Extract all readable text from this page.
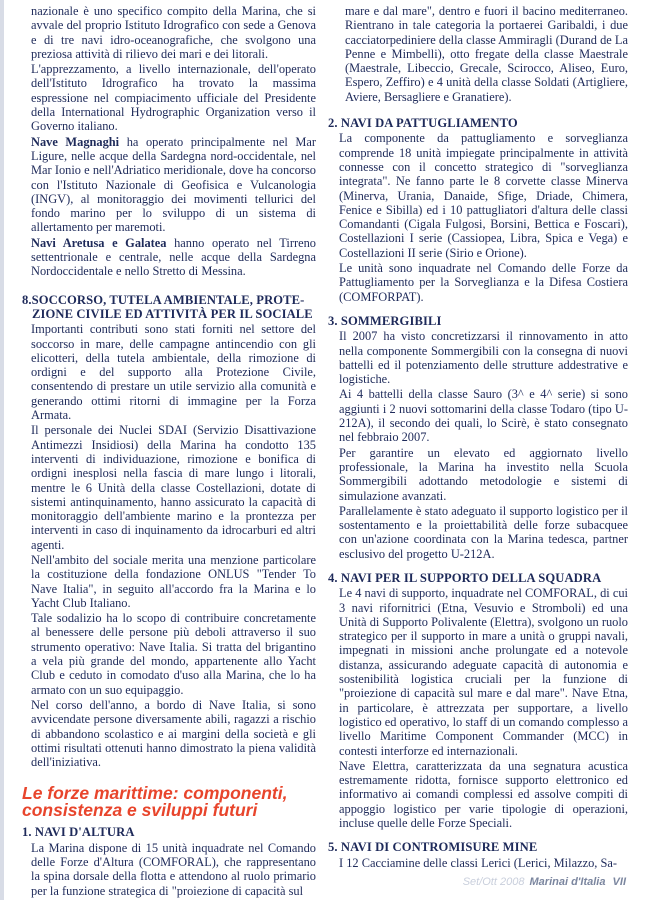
nazionale è uno specifico compito della Marina, che si avvale del proprio Istituto Idrografico con sede a Genova e di tre navi idro-oceanografiche, che svolgono una preziosa attività di rilievo dei mari e dei litorali.

L'apprezzamento, a livello internazionale, dell'operato dell'Istituto Idrografico ha trovato la massima espressione nel compiacimento ufficiale del Presidente della International Hydrographic Organization verso il Governo italiano.

Nave Magnaghi ha operato principalmente nel Mar Ligure, nelle acque della Sardegna nord-occidentale, nel Mar Ionio e nell'Adriatico meridionale, dove ha concorso con l'Istituto Nazionale di Geofisica e Vulcanologia (INGV), al monitoraggio dei movimenti tellurici del fondo marino per lo sviluppo di un sistema di allertamento per maremoti.

Navi Aretusa e Galatea hanno operato nel Tirreno settentrionale e centrale, nelle acque della Sardegna Nordoccidentale e nello Stretto di Messina.

8.SOCCORSO, TUTELA AMBIENTALE, PROTE-
ZIONE CIVILE ED ATTIVITÀ PER IL SOCIALE

Importanti contributi sono stati forniti nel settore del soccorso in mare, delle campagne antincendio con gli elicotteri, della tutela ambientale, della rimozione di ordigni e del supporto alla Protezione Civile, consentendo di prestare un utile servizio alla comunità e generando ottimi ritorni di immagine per la Forza Armata.

Il personale dei Nuclei SDAI (Servizio Disattivazione Antimezzi Insidiosi) della Marina ha condotto 135 interventi di individuazione, rimozione e bonifica di ordigni inesplosi nella fascia di mare lungo i litorali, mentre le 6 Unità della classe Costellazioni, dotate di sistemi antinquinamento, hanno assicurato la capacità di monitoraggio dell'ambiente marino e la prontezza per interventi in caso di inquinamento da idrocarburi ed altri agenti.

Nell'ambito del sociale merita una menzione particolare la costituzione della fondazione ONLUS "Tender To Nave Italia", in seguito all'accordo fra la Marina e lo Yacht Club Italiano.

Tale sodalizio ha lo scopo di contribuire concretamente al benessere delle persone più deboli attraverso il suo strumento operativo: Nave Italia. Si tratta del brigantino a vela più grande del mondo, appartenente allo Yacht Club e ceduto in comodato d'uso alla Marina, che lo ha armato con un suo equipaggio.

Nel corso dell'anno, a bordo di Nave Italia, si sono avvicendate persone diversamente abili, ragazzi a rischio di abbandono scolastico e ai margini della società e gli ottimi risultati ottenuti hanno dimostrato la piena validità dell'iniziativa.

Le forze marittime: componenti,
consistenza e sviluppi futuri
1. NAVI D'ALTURA

La Marina dispone di 15 unità inquadrate nel Comando delle Forze d'Altura (COMFORAL), che rappresentano la spina dorsale della flotta e attendono al ruolo primario per la funzione strategica di "proiezione di capacità sul

mare e dal mare", dentro e fuori il bacino mediterraneo. Rientrano in tale categoria la portaerei Garibaldi, i due cacciatorpediniere della classe Ammiragli (Durand de La Penne e Mimbelli), otto fregate della classe Maestrale (Maestrale, Libeccio, Grecale, Scirocco, Aliseo, Euro, Espero, Zeffiro) e 4 unità della classe Soldati (Artigliere, Aviere, Bersagliere e Granatiere).

2. NAVI DA PATTUGLIAMENTO

La componente da pattugliamento e sorveglianza comprende 18 unità impiegate principalmente in attività connesse con il concetto strategico di "sorveglianza integrata". Ne fanno parte le 8 corvette classe Minerva (Minerva, Urania, Danaide, Sfige, Driade, Chimera, Fenice e Sibilla) ed i 10 pattugliatori d'altura delle classi Comandanti (Cigala Fulgosi, Borsini, Bettica e Foscari), Costellazioni I serie (Cassiopea, Libra, Spica e Vega) e Costellazioni II serie (Sirio e Orione).

Le unità sono inquadrate nel Comando delle Forze da Pattugliamento per la Sorveglianza e la Difesa Costiera (COMFORPAT).

3. SOMMERGIBILI

Il 2007 ha visto concretizzarsi il rinnovamento in atto nella componente Sommergibili con la consegna di nuovi battelli ed il potenziamento delle strutture addestrative e logistiche.

Ai 4 battelli della classe Sauro (3^ e 4^ serie) si sono aggiunti i 2 nuovi sottomarini della classe Todaro (tipo U-212A), il secondo dei quali, lo Scirè, è stato consegnato nel febbraio 2007.

Per garantire un elevato ed aggiornato livello professionale, la Marina ha investito nella Scuola Sommergibili adottando metodologie e sistemi di simulazione avanzati.

Parallelamente è stato adeguato il supporto logistico per il sostentamento e la proiettabilità delle forze subacquee con un'azione coordinata con la Marina tedesca, partner esclusivo del progetto U-212A.

4. NAVI PER IL SUPPORTO DELLA SQUADRA

Le 4 navi di supporto, inquadrate nel COMFORAL, di cui 3 navi rifornitrici (Etna, Vesuvio e Stromboli) ed una Unità di Supporto Polivalente (Elettra), svolgono un ruolo strategico per il supporto in mare a unità o gruppi navali, impegnati in missioni anche prolungate ed a notevole distanza, assicurando adeguate capacità di autonomia e sostenibilità logistica cruciali per la funzione di "proiezione di capacità sul mare e dal mare". Nave Etna, in particolare, è attrezzata per supportare, a livello logistico ed operativo, lo staff di un comando complesso a livello Maritime Component Commander (MCC) in contesti interforze ed internazionali.

Nave Elettra, caratterizzata da una segnatura acustica estremamente ridotta, fornisce supporto elettronico ed informativo ai comandi complessi ed assolve compiti di appoggio logistico per varie tipologie di operazioni, incluse quelle delle Forze Speciali.

5. NAVI DI CONTROMISURE MINE

I 12 Cacciamine delle classi Lerici (Lerici, Milazzo, Sa-

Set/Ott 2008 Marinai d'Italia VII
